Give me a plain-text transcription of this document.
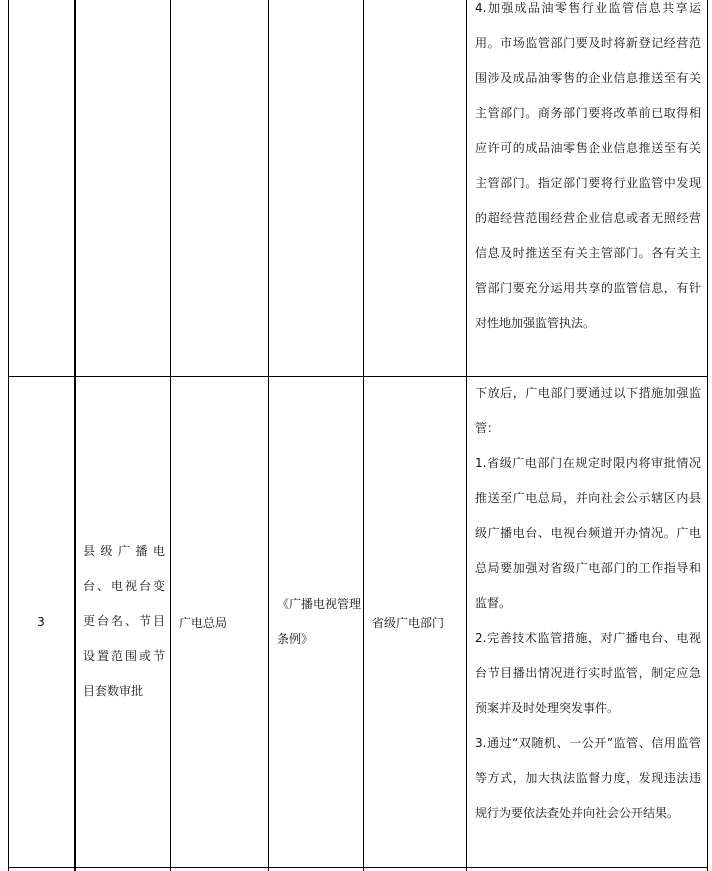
4.加强成品油零售行业监管信息共享运用。市场监管部门要及时将新登记经营范围涉及成品油零售的企业信息推送至有关主管部门。商务部门要将改革前已取得相应许可的成品油零售企业信息推送至有关主管部门。指定部门要将行业监管中发现的超经营范围经营企业信息或者无照经营信息及时推送至有关主管部门。各有关主管部门要充分运用共享的监管信息，有针对性地加强监管执法。

3

县级广播电台、电视台变更台名、节目设置范围或节目套数审批

广电总局

《广播电视管理条例》

省级广电部门

下放后，广电部门要通过以下措施加强监管：

1.省级广电部门在规定时限内将审批情况推送至广电总局，并向社会公示辖区内县级广播电台、电视台频道开办情况。广电总局要加强对省级广电部门的工作指导和监督。

2.完善技术监管措施，对广播电台、电视台节目播出情况进行实时监管，制定应急预案并及时处理突发事件。

3.通过“双随机、一公开”监管、信用监管等方式，加大执法监督力度，发现违法违规行为要依法查处并向社会公开结果。
